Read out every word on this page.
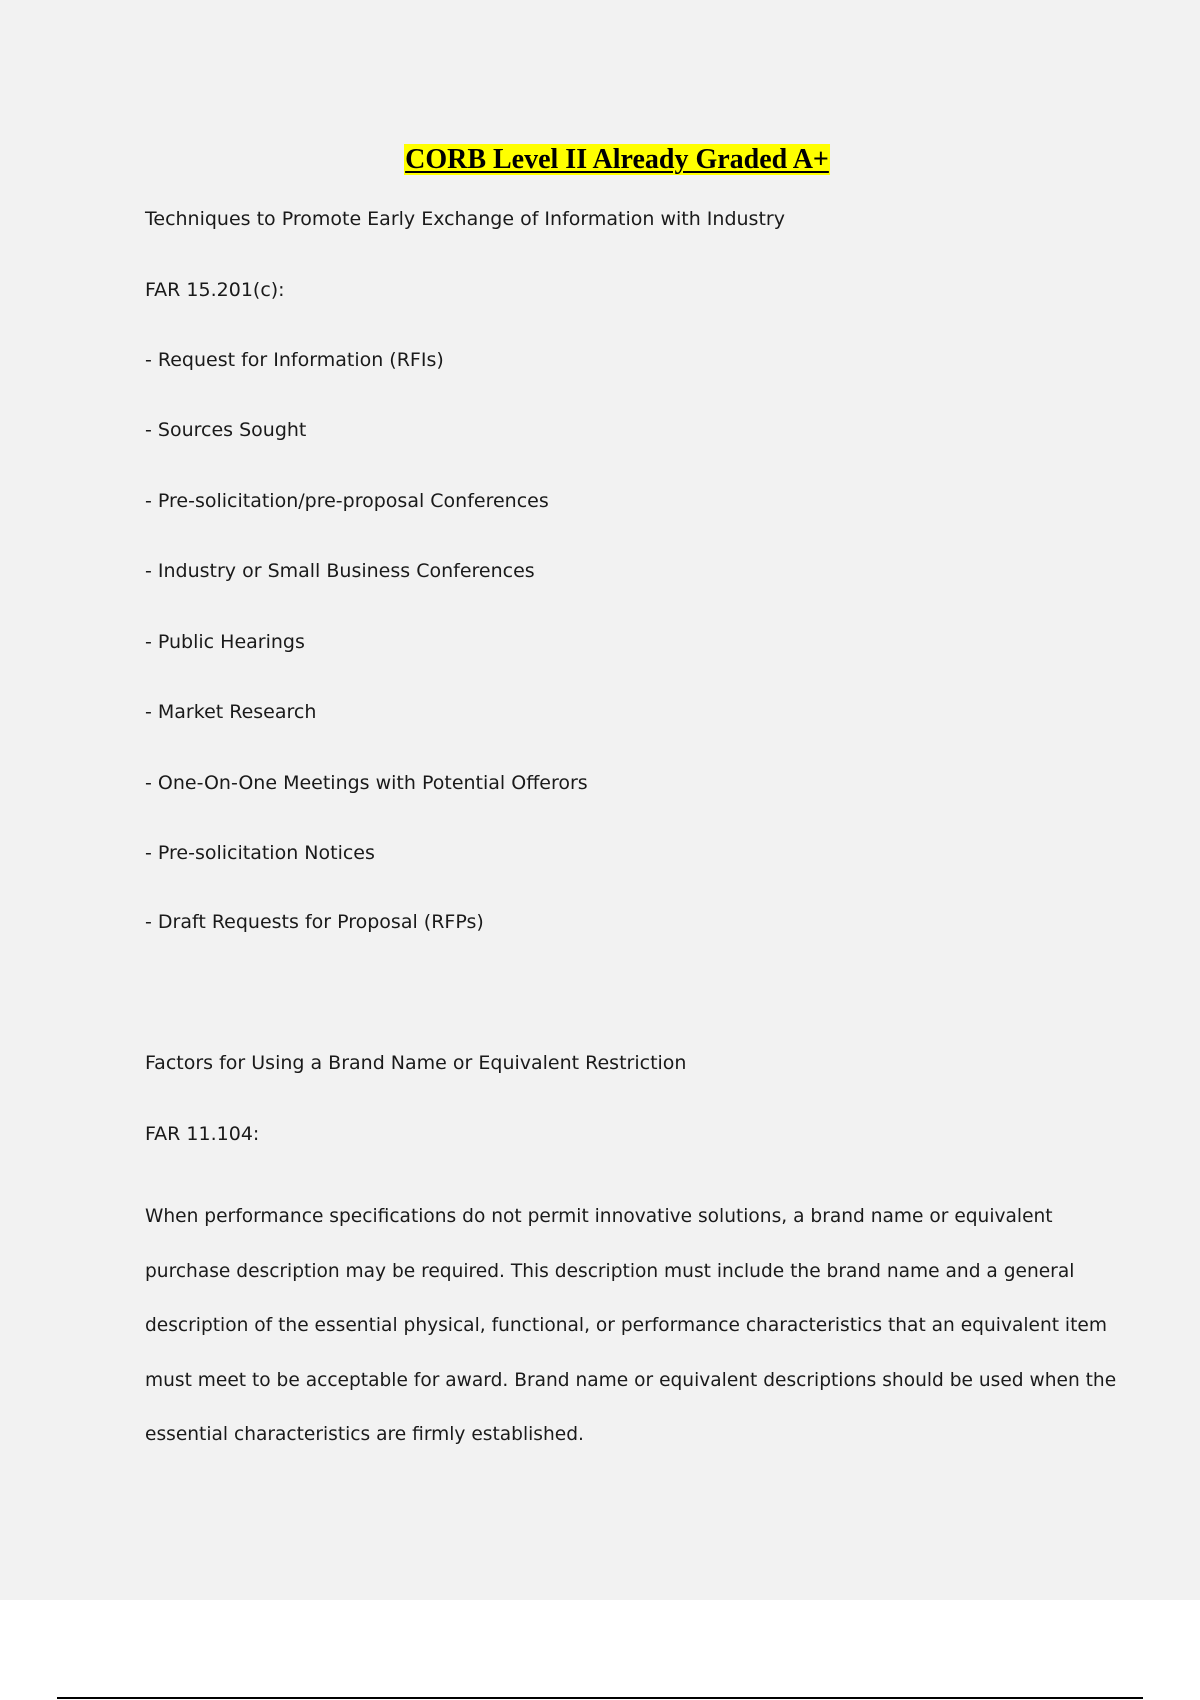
CORB Level II Already Graded A+

Techniques to Promote Early Exchange of Information with Industry

FAR 15.201(c):

- Request for Information (RFIs)

- Sources Sought

- Pre-solicitation/pre-proposal Conferences

- Industry or Small Business Conferences

- Public Hearings

- Market Research

- One-On-One Meetings with Potential Offerors

- Pre-solicitation Notices

- Draft Requests for Proposal (RFPs)

Factors for Using a Brand Name or Equivalent Restriction

FAR 11.104:

When performance specifications do not permit innovative solutions, a brand name or equivalent
purchase description may be required. This description must include the brand name and a general
description of the essential physical, functional, or performance characteristics that an equivalent item
must meet to be acceptable for award. Brand name or equivalent descriptions should be used when the
essential characteristics are firmly established.
